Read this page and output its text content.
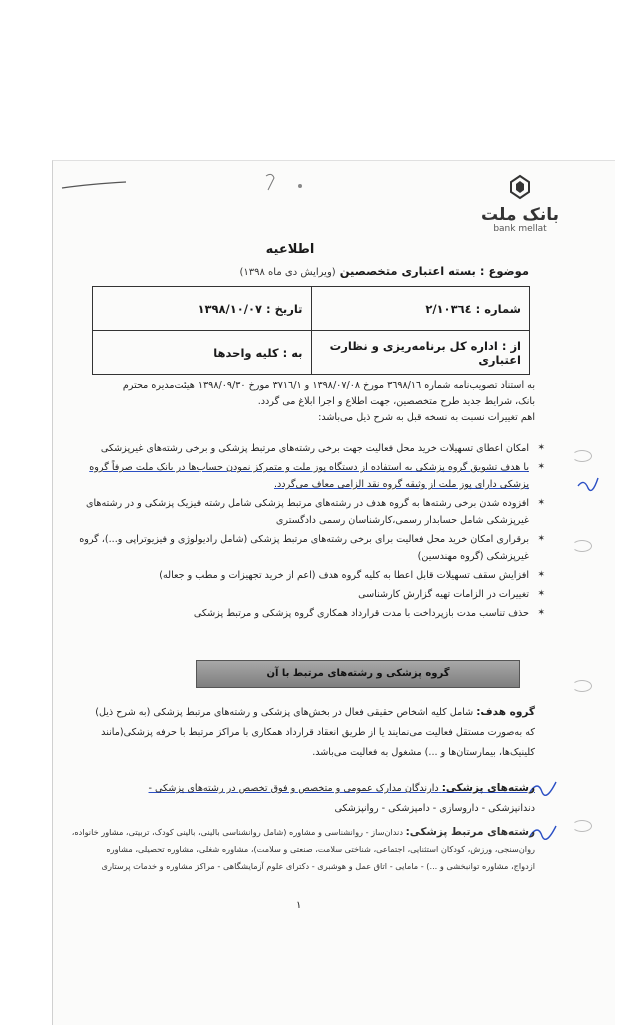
بانک ملت
bank mellat
اطلاعیه
موضوع : بسته اعتباری متخصصین (ویرایش دی ماه ۱۳۹۸)
شماره : ۲/۱۰۳٦٤	تاریخ : ۱۳۹۸/۱۰/۰۷
از : اداره کل برنامه‌ریزی و نظارت اعتباری	به : کلیه واحدها
به استناد تصویب‌نامه شماره ۳٦۹۸/۱٦ مورخ ۱۳۹۸/۰۷/۰۸ و ۳۷۱٦/۱ مورخ ۱۳۹۸/۰۹/۳۰ هیئت‌مدیره محترم
بانک، شرایط جدید طرح متخصصین، جهت اطلاع و اجرا ابلاغ می گردد.
اهم تغییرات نسبت به نسخه قبل به شرح ذیل می‌باشد:
✶ امکان اعطای تسهیلات خرید محل فعالیت جهت برخی رشته‌های مرتبط پزشکی و برخی رشته‌های غیرپزشکی
✶ با هدف تشویق گروه پزشکی به استفاده از دستگاه پوز ملت و متمرکز نمودن حساب‌ها در بانک ملت صرفاً گروه پزشکی دارای پوز ملت از وثیقه گروه نقد الزامی معاف می‌گردد.
✶ افزوده شدن برخی رشته‌ها به گروه هدف در رشته‌های مرتبط پزشکی شامل رشته فیزیک پزشکی و در رشته‌های غیرپزشکی شامل حسابدار رسمی،کارشناسان رسمی دادگستری
✶ برقراری امکان خرید محل فعالیت برای برخی رشته‌های مرتبط پزشکی (شامل رادیولوژی و فیزیوتراپی و...)، گروه غیرپزشکی (گروه مهندسین)
✶ افزایش سقف تسهیلات قابل اعطا به کلیه گروه هدف (اعم از خرید تجهیزات و مطب و جعاله)
✶ تغییرات در الزامات تهیه گزارش کارشناسی
✶ حذف تناسب مدت بازپرداخت با مدت قرارداد همکاری گروه پزشکی و مرتبط پزشکی
گروه پزشکی و رشته‌های مرتبط با آن
گروه هدف: شامل کلیه اشخاص حقیقی فعال در بخش‌های پزشکی و رشته‌های مرتبط پزشکی (به شرح ذیل)
که به‌صورت مستقل فعالیت می‌نمایند یا از طریق انعقاد قرارداد همکاری با مراکز مرتبط با حرفه پزشکی(مانند
کلینیک‌ها، بیمارستان‌ها و ...) مشغول به فعالیت می‌باشد.
رشته‌های پزشکی: دارندگان مدارک عمومی و متخصص و فوق تخصص در رشته‌های پزشکی -
دندانپزشکی - داروسازی - دامپزشکی - روانپزشکی
رشته‌های مرتبط پزشکی: دندان‌ساز - روانشناسی و مشاوره (شامل روانشناسی بالینی، بالینی کودک، تربیتی، مشاور خانواده،
روان‌سنجی، ورزش، کودکان استثنایی، اجتماعی، شناختی سلامت، صنعتی و سلامت)، مشاوره شغلی، مشاوره تحصیلی، مشاوره
ازدواج، مشاوره توانبخشی و ...) - مامایی - اتاق عمل و هوشبری - دکترای علوم آزمایشگاهی - مراکز مشاوره و خدمات پرستاری
۱
